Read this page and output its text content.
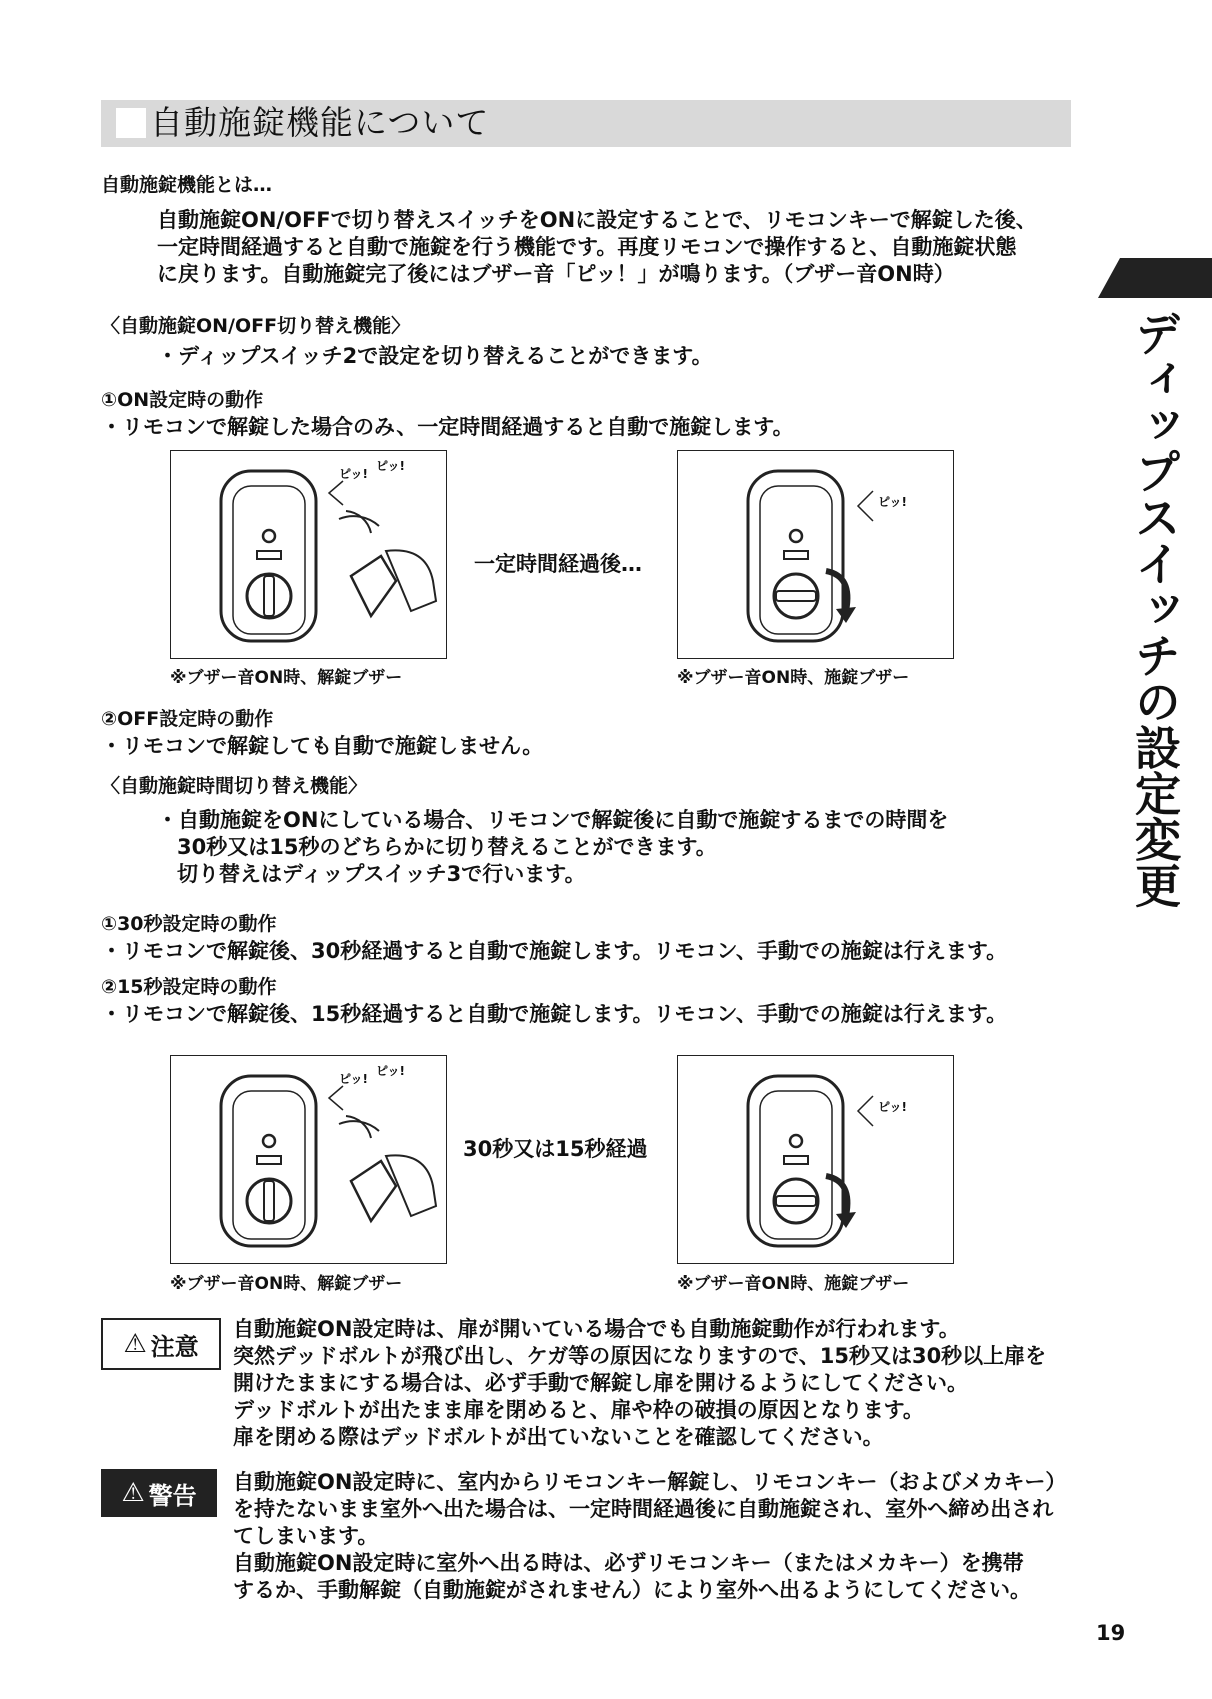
自動施錠機能について
ディップスイッチの設定変更
自動施錠機能とは…
自動施錠ON/OFFで切り替えスイッチをONに設定することで、リモコンキーで解錠した後、
一定時間経過すると自動で施錠を行う機能です。再度リモコンで操作すると、自動施錠状態
に戻ります。自動施錠完了後にはブザー音「ピッ！」が鳴ります。（ブザー音ON時）
〈自動施錠ON/OFF切り替え機能〉
・ディップスイッチ2で設定を切り替えることができます。
①ON設定時の動作
・リモコンで解錠した場合のみ、一定時間経過すると自動で施錠します。
ピッ!
ピッ!
一定時間経過後…
ピッ!
※ブザー音ON時、解錠ブザー	※ブザー音ON時、施錠ブザー
②OFF設定時の動作
・リモコンで解錠しても自動で施錠しません。
〈自動施錠時間切り替え機能〉
・自動施錠をONにしている場合、リモコンで解錠後に自動で施錠するまでの時間を
30秒又は15秒のどちらかに切り替えることができます。
切り替えはディップスイッチ3で行います。
①30秒設定時の動作
・リモコンで解錠後、30秒経過すると自動で施錠します。リモコン、手動での施錠は行えます。
②15秒設定時の動作
・リモコンで解錠後、15秒経過すると自動で施錠します。リモコン、手動での施錠は行えます。
ピッ!
ピッ!
30秒又は15秒経過
ピッ!
※ブザー音ON時、解錠ブザー	※ブザー音ON時、施錠ブザー
⚠ 注意
自動施錠ON設定時は、扉が開いている場合でも自動施錠動作が行われます。
突然デッドボルトが飛び出し、ケガ等の原因になりますので、15秒又は30秒以上扉を
開けたままにする場合は、必ず手動で解錠し扉を開けるようにしてください。
デッドボルトが出たまま扉を閉めると、扉や枠の破損の原因となります。
扉を閉める際はデッドボルトが出ていないことを確認してください。
⚠ 警告 自動施錠ON設定時に、室内からリモコンキー解錠し、リモコンキー（およびメカキー）
を持たないまま室外へ出た場合は、一定時間経過後に自動施錠され、室外へ締め出され
てしまいます。
自動施錠ON設定時に室外へ出る時は、必ずリモコンキー（またはメカキー）を携帯
するか、手動解錠（自動施錠がされません）により室外へ出るようにしてください。
19
